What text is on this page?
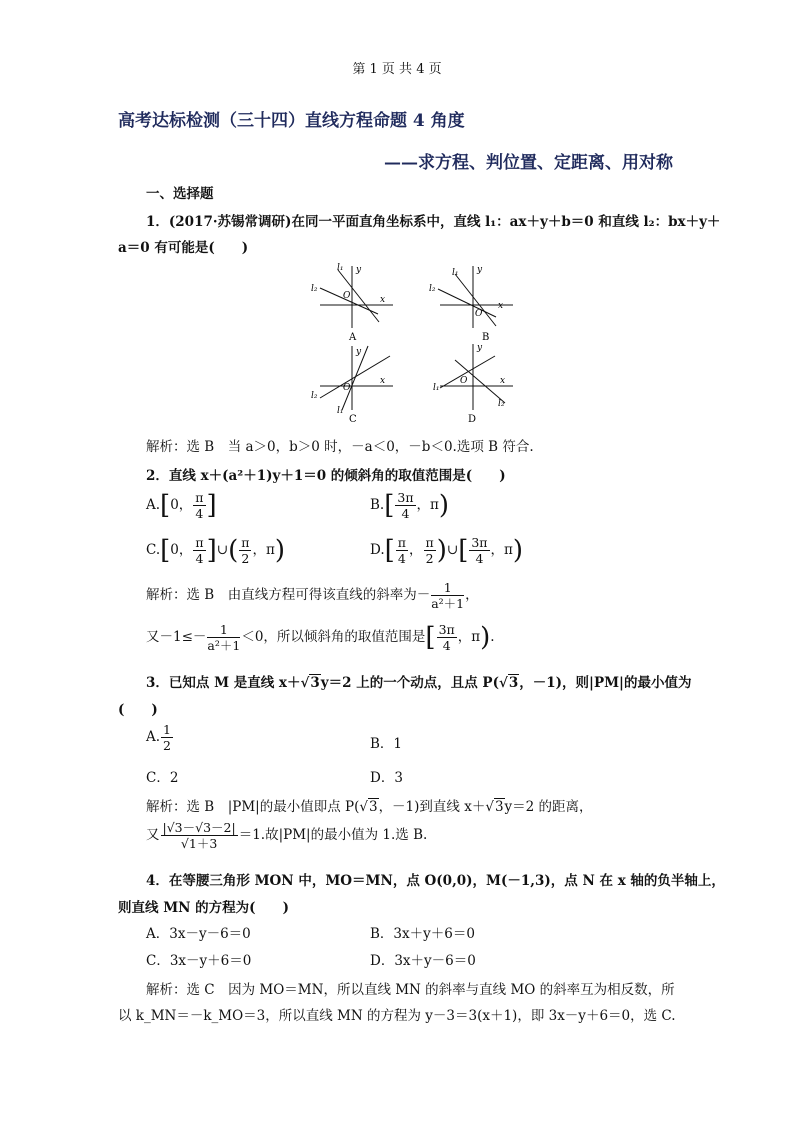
第 1 页 共 4 页
高考达标检测（三十四）直线方程命题 4 角度
——求方程、判位置、定距离、用对称
一、选择题
1．(2017·苏锡常调研)在同一平面直角坐标系中，直线 l₁：ax＋y＋b＝0 和直线 l₂：bx＋y＋
a＝0 有可能是(　　)
l₁
l₂
y
x
O
A
l₁
l₂
y
x
O
B
l₁
l₂
y
x
O
C
l₁
l₂
y
x
O
D
解析：选 B　当 a＞0，b＞0 时，－a＜0，－b＜0.选项 B 符合.
2．直线 x＋(a²＋1)y＋1＝0 的倾斜角的取值范围是(　　)
A.[0， $\frac{\pi}{4}$ ]	$B.[ \frac{3\pi}{4}$ ，π)
C.[0， $\frac{\pi}{4}$ ]∪( $\frac{\pi}{2}$ ，π)	$D.[ \frac{\pi}{4}$ ， $\frac{\pi}{2}$ )∪[ $\frac{3\pi}{4}$ ，π)
解析：选 B　由直线方程可得该直线的斜率为－ $\frac{1}{\text{a²＋1}}$ ，
又$-1\le- \frac{1}{\text{a²＋1}} <0$，所以倾斜角的取值范围是[ $\frac{3\pi}{4}$ ，π).
3．已知点 M 是直线 x＋√3y＝2 上的一个动点，且点 P(√3，－1)，则|PM|的最小值为
(　　)
A. $\frac{1}{2}$	B．1
C．2	D．3
解析：选 B　|PM|的最小值即点 P(√3，－1)到直线 x＋√3y＝2 的距离，
又 $\frac{|√3-√3-2|}{√1+3} =1$.故|PM|的最小值为 1.选 B.
4．在等腰三角形 MON 中，MO＝MN，点 O(0,0)，M(－1,3)，点 N 在 x 轴的负半轴上，
则直线 MN 的方程为(　　)
A．3x－y－6＝0	B．3x＋y＋6＝0
C．3x－y＋6＝0	D．3x＋y－6＝0
解析：选 C　因为 MO＝MN，所以直线 MN 的斜率与直线 MO 的斜率互为相反数，所
以 k_MN＝－k_MO＝3，所以直线 MN 的方程为 y－3＝3(x＋1)，即 3x－y＋6＝0，选 C.
